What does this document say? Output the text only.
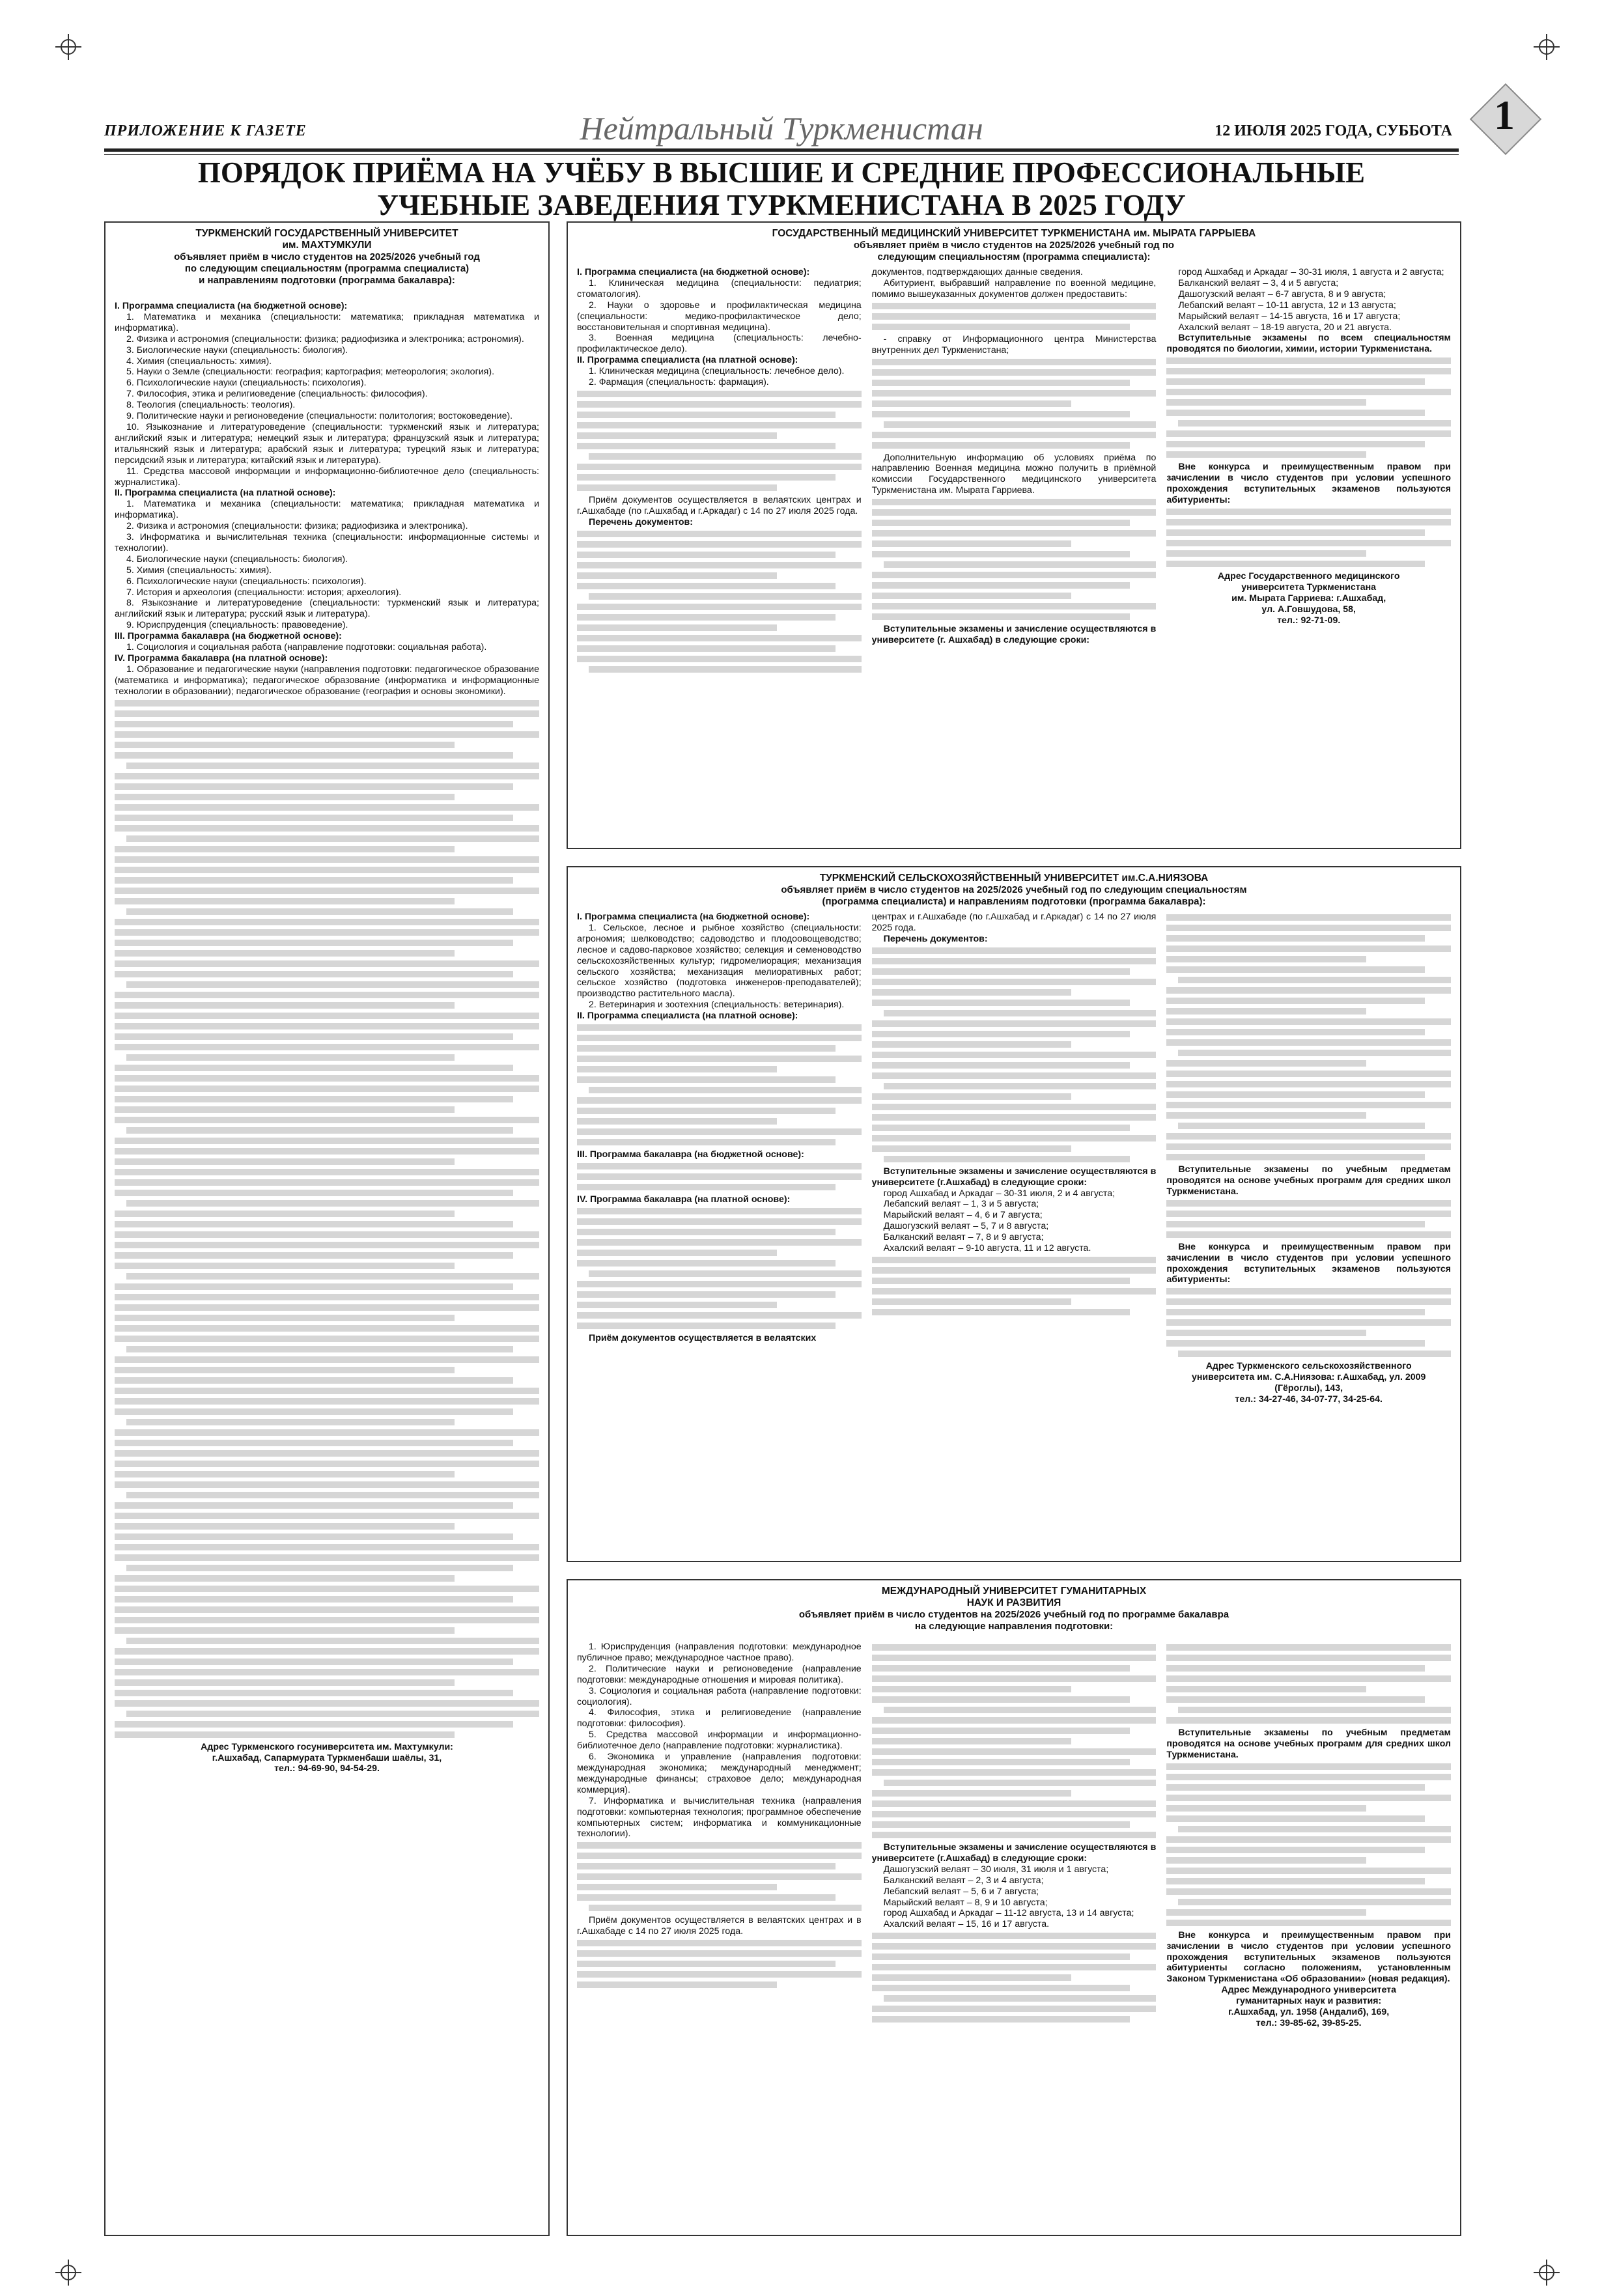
ПРИЛОЖЕНИЕ К ГАЗЕТЕ	Нейтральный Туркменистан	12 ИЮЛЯ 2025 ГОДА, СУББОТА	1
ПОРЯДОК ПРИЁМА НА УЧЁБУ В ВЫСШИЕ И СРЕДНИЕ ПРОФЕССИОНАЛЬНЫЕ
УЧЕБНЫЕ ЗАВЕДЕНИЯ ТУРКМЕНИСТАНА В 2025 ГОДУ
ТУРКМЕНСКИЙ ГОСУДАРСТВЕННЫЙ УНИВЕРСИТЕТ
им. МАХТУМКУЛИ
объявляет приём в число студентов на 2025/2026 учебный год
по следующим специальностям (программа специалиста)
и направлениям подготовки (программа бакалавра):

I. Программа специалиста (на бюджетной основе):

1. Математика и механика (специальности: математика; прикладная математика и информатика).

2. Физика и астрономия (специальности: физика; радиофизика и электроника; астрономия).

3. Биологические науки (специальность: биология).

4. Химия (специальность: химия).

5. Науки о Земле (специальности: география; картография; метеорология; экология).

6. Психологические науки (специальность: психология).

7. Философия, этика и религиоведение (специальность: философия).

8. Теология (специальность: теология).

9. Политические науки и регионоведение (специальности: политология; востоковедение).

10. Языкознание и литературоведение (специальности: туркменский язык и литература; английский язык и литература; немецкий язык и литература; французский язык и литература; итальянский язык и литература; арабский язык и литература; турецкий язык и литература; персидский язык и литература; китайский язык и литература).

11. Средства массовой информации и информационно-библиотечное дело (специальность: журналистика).

II. Программа специалиста (на платной основе):

1. Математика и механика (специальности: математика; прикладная математика и информатика).

2. Физика и астрономия (специальности: физика; радиофизика и электроника).

3. Информатика и вычислительная техника (специальности: информационные системы и технологии).

4. Биологические науки (специальность: биология).

5. Химия (специальность: химия).

6. Психологические науки (специальность: психология).

7. История и археология (специальности: история; археология).

8. Языкознание и литературоведение (специальности: туркменский язык и литература; английский язык и литература; русский язык и литература).

9. Юриспруденция (специальность: правоведение).

III. Программа бакалавра (на бюджетной основе):

1. Социология и социальная работа (направление подготовки: социальная работа).

IV. Программа бакалавра (на платной основе):

1. Образование и педагогические науки (направления подготовки: педагогическое образование (математика и информатика); педагогическое образование (информатика и информационные технологии в образовании); педагогическое образование (география и основы экономики).

Адрес Туркменского госуниверситета им. Махтумкули:

г.Ашхабад, Сапармурата Туркменбаши шаёлы, 31,

тел.: 94-69-90, 94-54-29.

ГОСУДАРСТВЕННЫЙ МЕДИЦИНСКИЙ УНИВЕРСИТЕТ ТУРКМЕНИСТАНА им. МЫРАТА ГАРРЫЕВА
объявляет приём в число студентов на 2025/2026 учебный год по
следующим специальностям (программа специалиста):

I. Программа специалиста (на бюджетной основе):

1. Клиническая медицина (специальности: педиатрия; стоматология).

2. Науки о здоровье и профилактическая медицина (специальности: медико-профилактическое дело; восстановительная и спортивная медицина).

3. Военная медицина (специальность: лечебно-профилактическое дело).

II. Программа специалиста (на платной основе):

1. Клиническая медицина (специальность: лечебное дело).

2. Фармация (специальность: фармация).

Приём документов осуществляется в велаятских центрах и г.Ашхабаде (по г.Ашхабад и г.Аркадаг) с 14 по 27 июля 2025 года.

Перечень документов:

документов, подтверждающих данные сведения.

Абитуриент, выбравший направление по военной медицине, помимо вышеуказанных документов должен предоставить:

- справку от Информационного центра Министерства внутренних дел Туркменистана;

Дополнительную информацию об условиях приёма по направлению Военная медицина можно получить в приёмной комиссии Государственного медицинского университета Туркменистана им. Мырата Гарриева.

Вступительные экзамены и зачисление осуществляются в университете (г. Ашхабад) в следующие сроки:

город Ашхабад и Аркадаг – 30-31 июля, 1 августа и 2 августа;

Балканский велаят – 3, 4 и 5 августа;

Дашогузский велаят – 6-7 августа, 8 и 9 августа;

Лебапский велаят – 10-11 августа, 12 и 13 августа;

Марыйский велаят – 14-15 августа, 16 и 17 августа;

Ахалский велаят – 18-19 августа, 20 и 21 августа.

Вступительные экзамены по всем специальностям проводятся по биологии, химии, истории Туркменистана.

Вне конкурса и преимущественным правом при зачислении в число студентов при условии успешного прохождения вступительных экзаменов пользуются абитуриенты:

Адрес Государственного медицинского

университета Туркменистана

им. Мырата Гарриева: г.Ашхабад,

ул. А.Говшудова, 58,

тел.: 92-71-09.

ТУРКМЕНСКИЙ СЕЛЬСКОХОЗЯЙСТВЕННЫЙ УНИВЕРСИТЕТ им.С.А.НИЯЗОВА
объявляет приём в число студентов на 2025/2026 учебный год по следующим специальностям
(программа специалиста) и направлениям подготовки (программа бакалавра):

I. Программа специалиста (на бюджетной основе):

1. Сельское, лесное и рыбное хозяйство (специальности: агрономия; шелководство; садоводство и плодоовощеводство; лесное и садово-парковое хозяйство; селекция и семеноводство сельскохозяйственных культур; гидромелиорация; механизация сельского хозяйства; механизация мелиоративных работ; сельское хозяйство (подготовка инженеров-преподавателей); производство растительного масла).

2. Ветеринария и зоотехния (специальность: ветеринария).

II. Программа специалиста (на платной основе):

III. Программа бакалавра (на бюджетной основе):

IV. Программа бакалавра (на платной основе):

Приём документов осуществляется в велаятских

центрах и г.Ашхабаде (по г.Ашхабад и г.Аркадаг) с 14 по 27 июля 2025 года.

Перечень документов:

Вступительные экзамены и зачисление осуществляются в университете (г.Ашхабад) в следующие сроки:

город Ашхабад и Аркадаг – 30-31 июля, 2 и 4 августа;

Лебапский велаят – 1, 3 и 5 августа;

Марыйский велаят – 4, 6 и 7 августа;

Дашогузский велаят – 5, 7 и 8 августа;

Балканский велаят – 7, 8 и 9 августа;

Ахалский велаят – 9-10 августа, 11 и 12 августа.

Вступительные экзамены по учебным предметам проводятся на основе учебных программ для средних школ Туркменистана.

Вне конкурса и преимущественным правом при зачислении в число студентов при условии успешного прохождения вступительных экзаменов пользуются абитуриенты:

Адрес Туркменского сельскохозяйственного

университета им. С.А.Ниязова: г.Ашхабад, ул. 2009

(Гёроглы), 143,

тел.: 34-27-46, 34-07-77, 34-25-64.

МЕЖДУНАРОДНЫЙ УНИВЕРСИТЕТ ГУМАНИТАРНЫХ
НАУК И РАЗВИТИЯ
объявляет приём в число студентов на 2025/2026 учебный год по программе бакалавра
на следующие направления подготовки:

1. Юриспруденция (направления подготовки: международное публичное право; международное частное право).

2. Политические науки и регионоведение (направление подготовки: международные отношения и мировая политика).

3. Социология и социальная работа (направление подготовки: социология).

4. Философия, этика и религиоведение (направление подготовки: философия).

5. Средства массовой информации и информационно-библиотечное дело (направление подготовки: журналистика).

6. Экономика и управление (направления подготовки: международная экономика; международный менеджмент; международные финансы; страховое дело; международная коммерция).

7. Информатика и вычислительная техника (направления подготовки: компьютерная технология; программное обеспечение компьютерных систем; информатика и коммуникационные технологии).

Приём документов осуществляется в велаятских центрах и в г.Ашхабаде с 14 по 27 июля 2025 года.

Вступительные экзамены и зачисление осуществляются в университете (г.Ашхабад) в следующие сроки:

Дашогузский велаят – 30 июля, 31 июля и 1 августа;

Балканский велаят – 2, 3 и 4 августа;

Лебапский велаят – 5, 6 и 7 августа;

Марыйский велаят – 8, 9 и 10 августа;

город Ашхабад и Аркадаг – 11-12 августа, 13 и 14 августа;

Ахалский велаят – 15, 16 и 17 августа.

Вступительные экзамены по учебным предметам проводятся на основе учебных программ для средних школ Туркменистана.

Вне конкурса и преимущественным правом при зачислении в число студентов при условии успешного прохождения вступительных экзаменов пользуются абитуриенты согласно положениям, установленным Законом Туркменистана «Об образовании» (новая редакция).

Адрес Международного университета

гуманитарных наук и развития:

г.Ашхабад, ул. 1958 (Андалиб), 169,

тел.: 39-85-62, 39-85-25.
